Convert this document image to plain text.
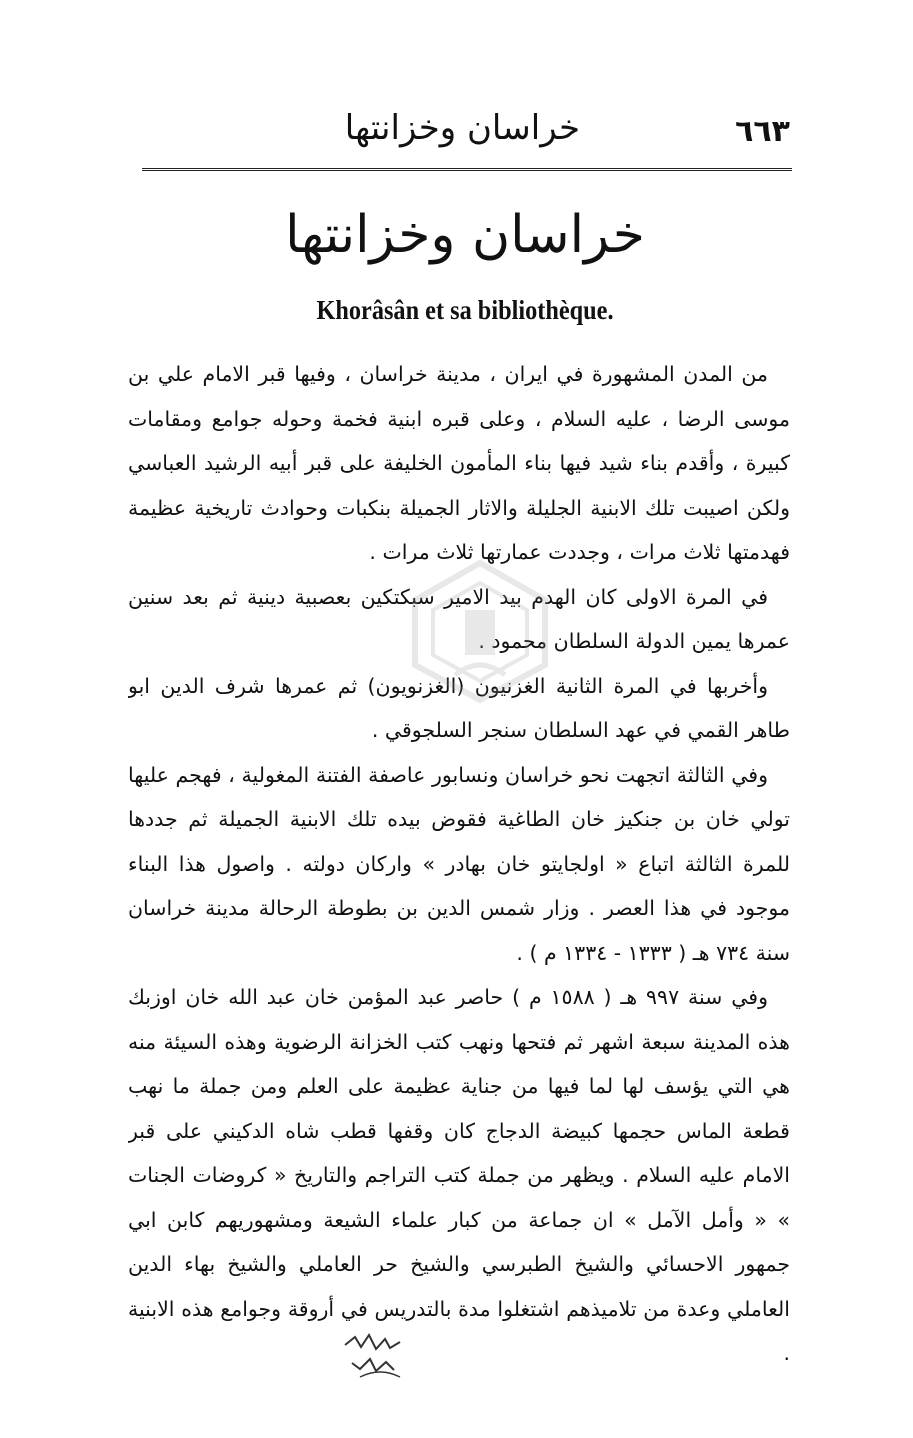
٦٦٣
خراسان وخزانتها
خراسان وخزانتها
Khorâsân et sa bibliothèque.

من المدن المشهورة في ايران ، مدينة خراسان ، وفيها قبر الامام علي بن موسى الرضا ، عليه السلام ، وعلى قبره ابنية فخمة وحوله جوامع ومقامات كبيرة ، وأقدم بناء شيد فيها بناء المأمون الخليفة على قبر أبيه الرشيد العباسي ولكن اصيبت تلك الابنية الجليلة والاثار الجميلة بنكبات وحوادث تاريخية عظيمة فهدمتها ثلاث مرات ، وجددت عمارتها ثلاث مرات .

في المرة الاولى كان الهدم بيد الامير سبكتكين بعصبية دينية ثم بعد سنين عمرها يمين الدولة السلطان محمود .

وأخربها في المرة الثانية الغزنيون (الغزنويون) ثم عمرها شرف الدين ابو طاهر القمي في عهد السلطان سنجر السلجوقي .

وفي الثالثة اتجهت نحو خراسان ونسابور عاصفة الفتنة المغولية ، فهجم عليها تولي خان بن جنكيز خان الطاغية فقوض بيده تلك الابنية الجميلة ثم جددها للمرة الثالثة اتباع « اولجايتو خان بهادر » واركان دولته . واصول هذا البناء موجود في هذا العصر . وزار شمس الدين بن بطوطة الرحالة مدينة خراسان سنة ٧٣٤ هـ ( ١٣٣٣ - ١٣٣٤ م ) .

وفي سنة ٩٩٧ هـ ( ١٥٨٨ م ) حاصر عبد المؤمن خان عبد الله خان اوزبك هذه المدينة سبعة اشهر ثم فتحها ونهب كتب الخزانة الرضوية وهذه السيئة منه هي التي يؤسف لها لما فيها من جناية عظيمة على العلم ومن جملة ما نهب قطعة الماس حجمها كبيضة الدجاج كان وقفها قطب شاه الدكيني على قبر الامام عليه السلام . ويظهر من جملة كتب التراجم والتاريخ « كروضات الجنات » « وأمل الآمل » ان جماعة من كبار علماء الشيعة ومشهوريهم كابن ابي جمهور الاحسائي والشيخ الطبرسي والشيخ حر العاملي والشيخ بهاء الدين العاملي وعدة من تلاميذهم اشتغلوا مدة بالتدريس في أروقة وجوامع هذه الابنية .
